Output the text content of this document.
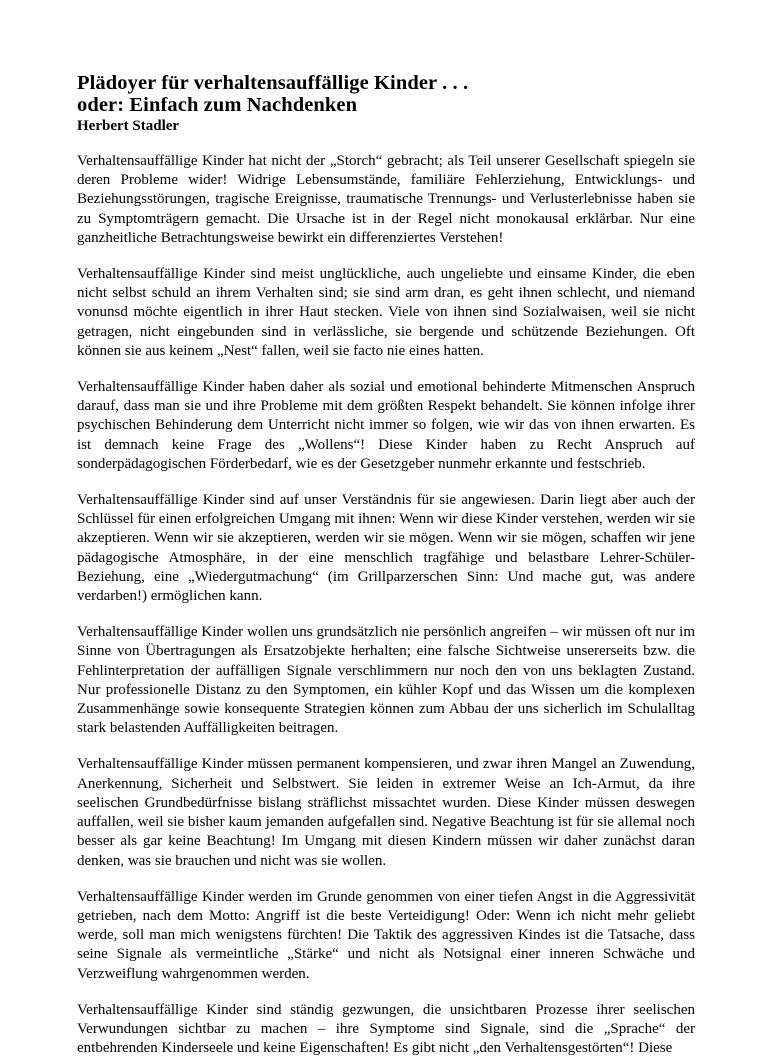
Plädoyer für verhaltensauffällige Kinder . . .
oder: Einfach zum Nachdenken
Herbert Stadler

Verhaltensauffällige Kinder hat nicht der „Storch“ gebracht; als Teil unserer Gesellschaft spiegeln sie deren Probleme wider! Widrige Lebensumstände, familiäre Fehlerziehung, Entwicklungs- und Beziehungsstörungen, tragische Ereignisse, traumatische Trennungs- und Verlusterlebnisse haben sie zu Symptomträgern gemacht. Die Ursache ist in der Regel nicht monokausal erklärbar. Nur eine ganzheitliche Betrachtungsweise bewirkt ein differenziertes Verstehen!

Verhaltensauffällige Kinder sind meist unglückliche, auch ungeliebte und einsame Kinder, die eben nicht selbst schuld an ihrem Verhalten sind; sie sind arm dran, es geht ihnen schlecht, und niemand vonunsd möchte eigentlich in ihrer Haut stecken. Viele von ihnen sind Sozialwaisen, weil sie nicht getragen, nicht eingebunden sind in verlässliche, sie bergende und schützende Beziehungen. Oft können sie aus keinem „Nest“ fallen, weil sie facto nie eines hatten.

Verhaltensauffällige Kinder haben daher als sozial und emotional behinderte Mitmenschen Anspruch darauf, dass man sie und ihre Probleme mit dem größten Respekt behandelt. Sie können infolge ihrer psychischen Behinderung dem Unterricht nicht immer so folgen, wie wir das von ihnen erwarten. Es ist demnach keine Frage des „Wollens“! Diese Kinder haben zu Recht Anspruch auf sonderpädagogischen Förderbedarf, wie es der Gesetzgeber nunmehr erkannte und festschrieb.

Verhaltensauffällige Kinder sind auf unser Verständnis für sie angewiesen. Darin liegt aber auch der Schlüssel für einen erfolgreichen Umgang mit ihnen: Wenn wir diese Kinder verstehen, werden wir sie akzeptieren. Wenn wir sie akzeptieren, werden wir sie mögen. Wenn wir sie mögen, schaffen wir jene pädagogische Atmosphäre, in der eine menschlich tragfähige und belastbare Lehrer-Schüler-Beziehung, eine „Wiedergutmachung“ (im Grillparzerschen Sinn: Und mache gut, was andere verdarben!) ermöglichen kann.

Verhaltensauffällige Kinder wollen uns grundsätzlich nie persönlich angreifen – wir müssen oft nur im Sinne von Übertragungen als Ersatzobjekte herhalten; eine falsche Sichtweise unsererseits bzw. die Fehlinterpretation der auffälligen Signale verschlimmern nur noch den von uns beklagten Zustand. Nur professionelle Distanz zu den Symptomen, ein kühler Kopf und das Wissen um die komplexen Zusammenhänge sowie konsequente Strategien können zum Abbau der uns sicherlich im Schulalltag stark belastenden Auffälligkeiten beitragen.

Verhaltensauffällige Kinder müssen permanent kompensieren, und zwar ihren Mangel an Zuwendung, Anerkennung, Sicherheit und Selbstwert. Sie leiden in extremer Weise an Ich-Armut, da ihre seelischen Grundbedürfnisse bislang sträflichst missachtet wurden. Diese Kinder müssen deswegen auffallen, weil sie bisher kaum jemanden aufgefallen sind. Negative Beachtung ist für sie allemal noch besser als gar keine Beachtung! Im Umgang mit diesen Kindern müssen wir daher zunächst daran denken, was sie brauchen und nicht was sie wollen.

Verhaltensauffällige Kinder werden im Grunde genommen von einer tiefen Angst in die Aggressivität getrieben, nach dem Motto: Angriff ist die beste Verteidigung! Oder: Wenn ich nicht mehr geliebt werde, soll man mich wenigstens fürchten! Die Taktik des aggressiven Kindes ist die Tatsache, dass seine Signale als vermeintliche „Stärke“ und nicht als Notsignal einer inneren Schwäche und Verzweiflung wahrgenommen werden.

Verhaltensauffällige Kinder sind ständig gezwungen, die unsichtbaren Prozesse ihrer seelischen Verwundungen sichtbar zu machen – ihre Symptome sind Signale, sind die „Sprache“ der entbehrenden Kinderseele und keine Eigenschaften! Es gibt nicht „den Verhaltensgestörten“! Diese
